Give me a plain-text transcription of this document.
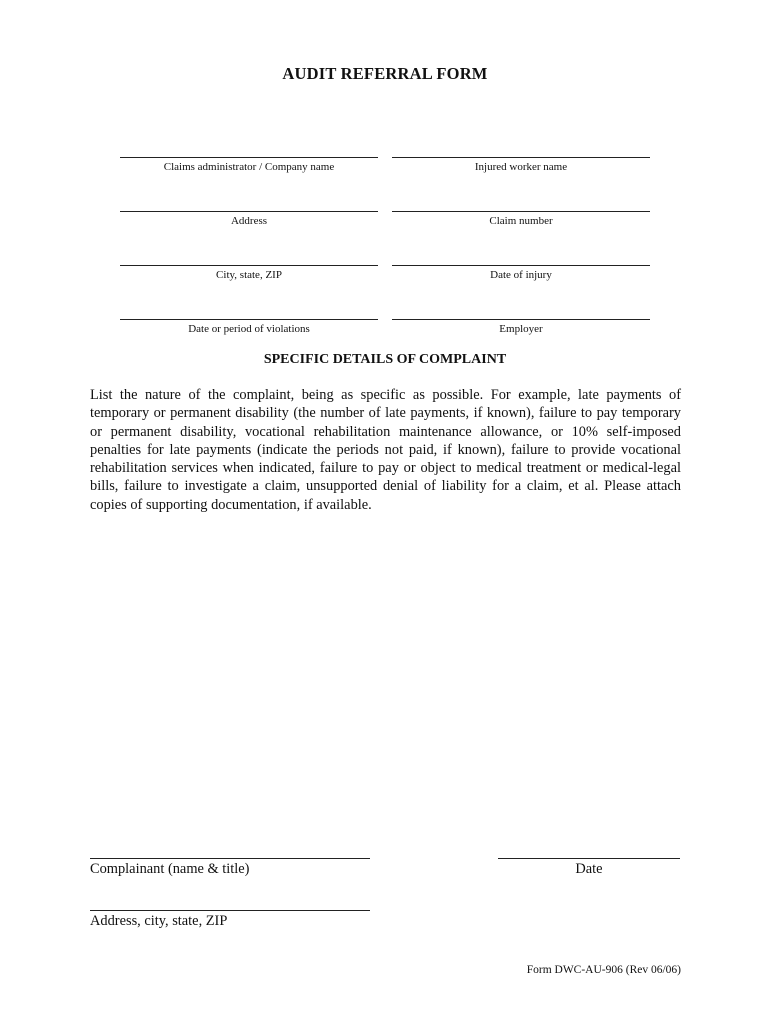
AUDIT REFERRAL FORM
Claims administrator / Company name	Injured worker name
Address	Claim number
City, state, ZIP	Date of injury
Date or period of violations	Employer
SPECIFIC DETAILS OF COMPLAINT
List the nature of the complaint, being as specific as possible. For example, late payments of temporary or permanent disability (the number of late payments, if known), failure to pay temporary or permanent disability, vocational rehabilitation maintenance allowance, or 10% self-imposed penalties for late payments (indicate the periods not paid, if known), failure to provide vocational rehabilitation services when indicated, failure to pay or object to medical treatment or medical-legal bills, failure to investigate a claim, unsupported denial of liability for a claim, et al. Please attach copies of supporting documentation, if available.
Complainant (name & title)	Date
Address, city, state, ZIP
Form DWC-AU-906 (Rev 06/06)
